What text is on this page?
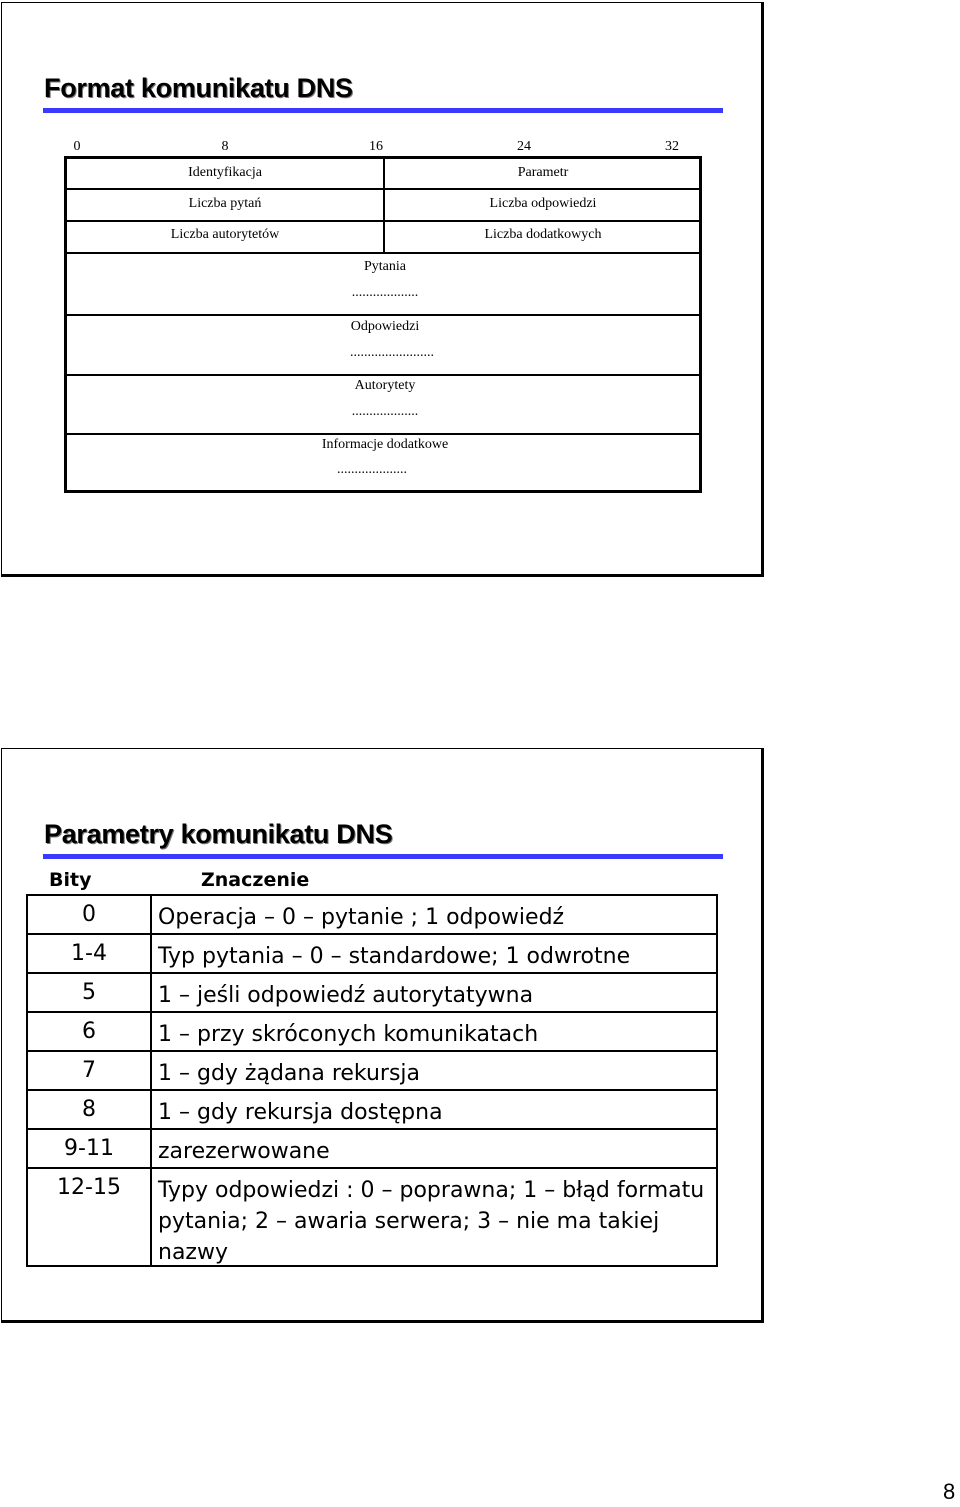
Format komunikatu DNS
0	8	16	24	32
Identyfikacja	Parametr
Liczba pytań	Liczba odpowiedzi
Liczba autorytetów	Liczba dodatkowych
Pytania
...................
Odpowiedzi
........................
Autorytety
...................
Informacje dodatkowe
....................
Parametry komunikatu DNS
Bity	Znaczenie
0	Operacja – 0 – pytanie ; 1 odpowiedź
1-4	Typ pytania – 0 – standardowe; 1 odwrotne
5	1 – jeśli odpowiedź autorytatywna
6	1 – przy skróconych komunikatach
7	1 – gdy żądana rekursja
8	1 – gdy rekursja dostępna
9-11	zarezerwowane
12-15	Typy odpowiedzi : 0 – poprawna; 1 – błąd formatu pytania; 2 – awaria serwera; 3 – nie ma takiej nazwy
8
